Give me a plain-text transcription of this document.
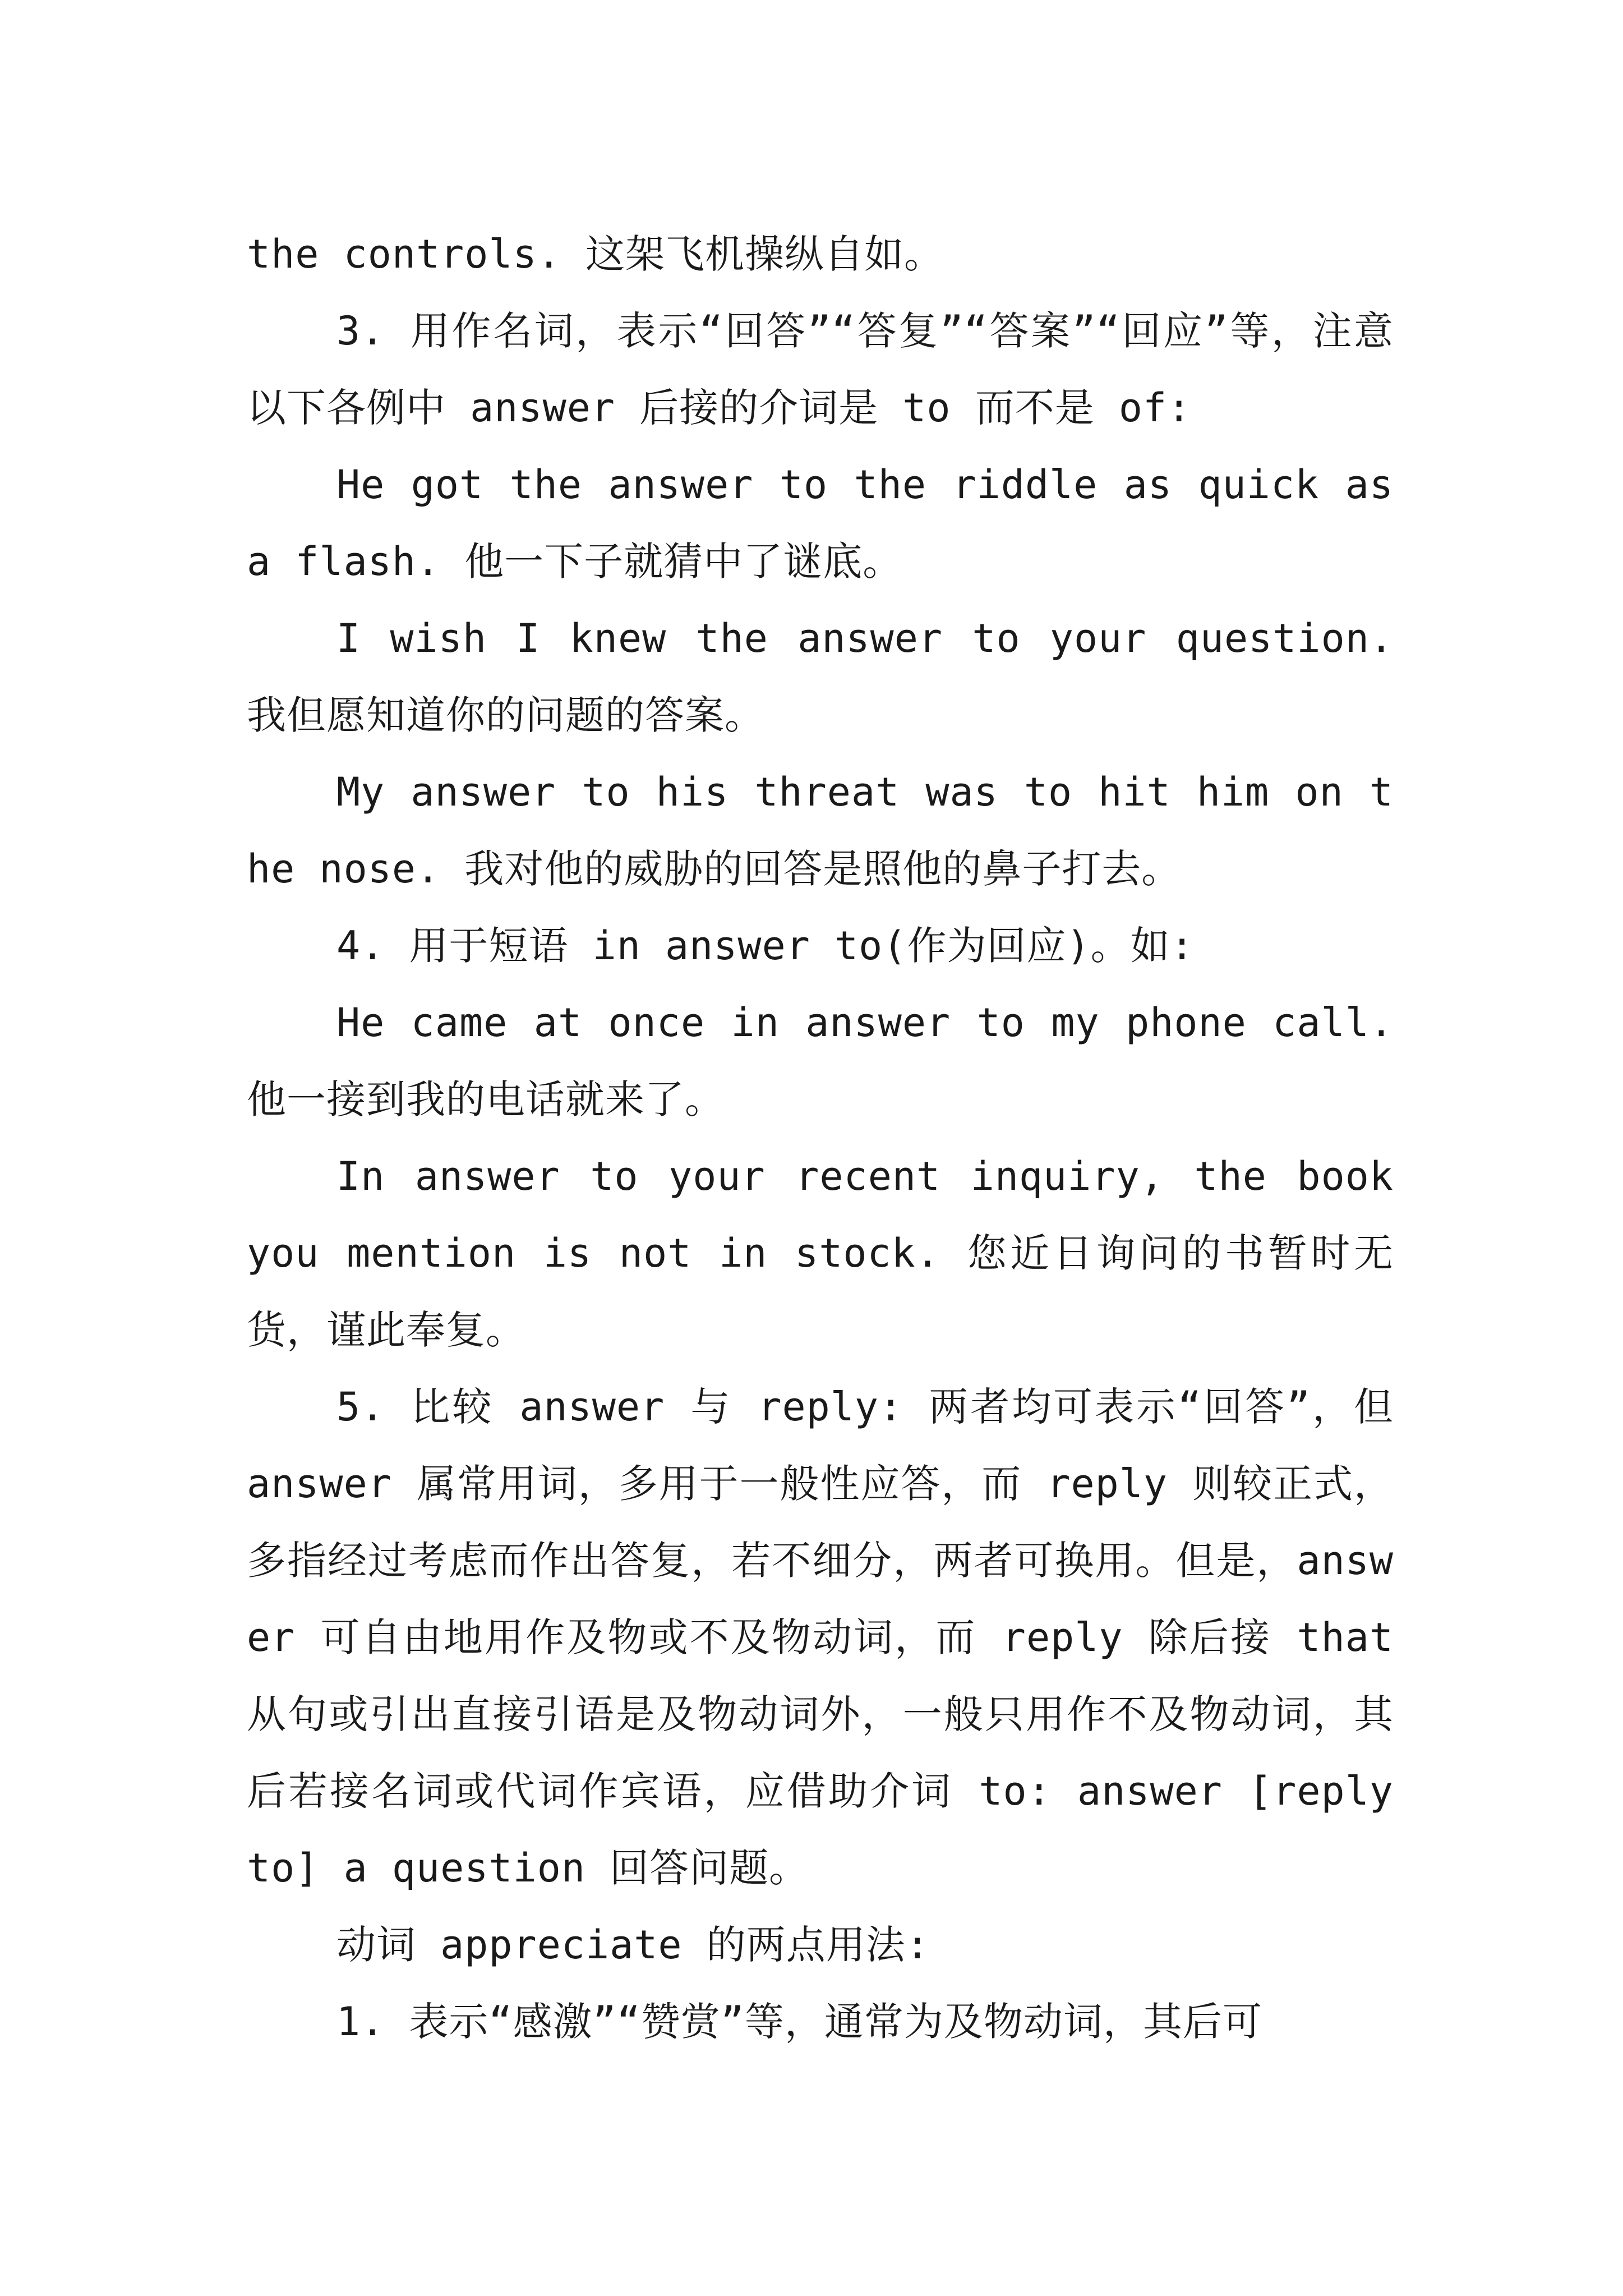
the controls. 这架飞机操纵自如。

3. 用作名词，表示“回答”“答复”“答案”“回应”等，注意以下各例中 answer 后接的介词是 to 而不是 of:

He got the answer to the riddle as quick as a flash. 他一下子就猜中了谜底。

I wish I knew the answer to your question. 我但愿知道你的问题的答案。

My answer to his threat was to hit him on the nose. 我对他的威胁的回答是照他的鼻子打去。

4. 用于短语 in answer to(作为回应)。如:

He came at once in answer to my phone call. 他一接到我的电话就来了。

In answer to your recent inquiry, the book you mention is not in stock. 您近日询问的书暂时无货，谨此奉复。

5. 比较 answer 与 reply: 两者均可表示“回答”，但 answer 属常用词，多用于一般性应答，而 reply 则较正式，多指经过考虑而作出答复，若不细分，两者可换用。但是，answer 可自由地用作及物或不及物动词，而 reply 除后接 that 从句或引出直接引语是及物动词外，一般只用作不及物动词，其后若接名词或代词作宾语，应借助介词 to: answer [reply to] a question 回答问题。

动词 appreciate 的两点用法:

1. 表示“感激”“赞赏”等，通常为及物动词，其后可
